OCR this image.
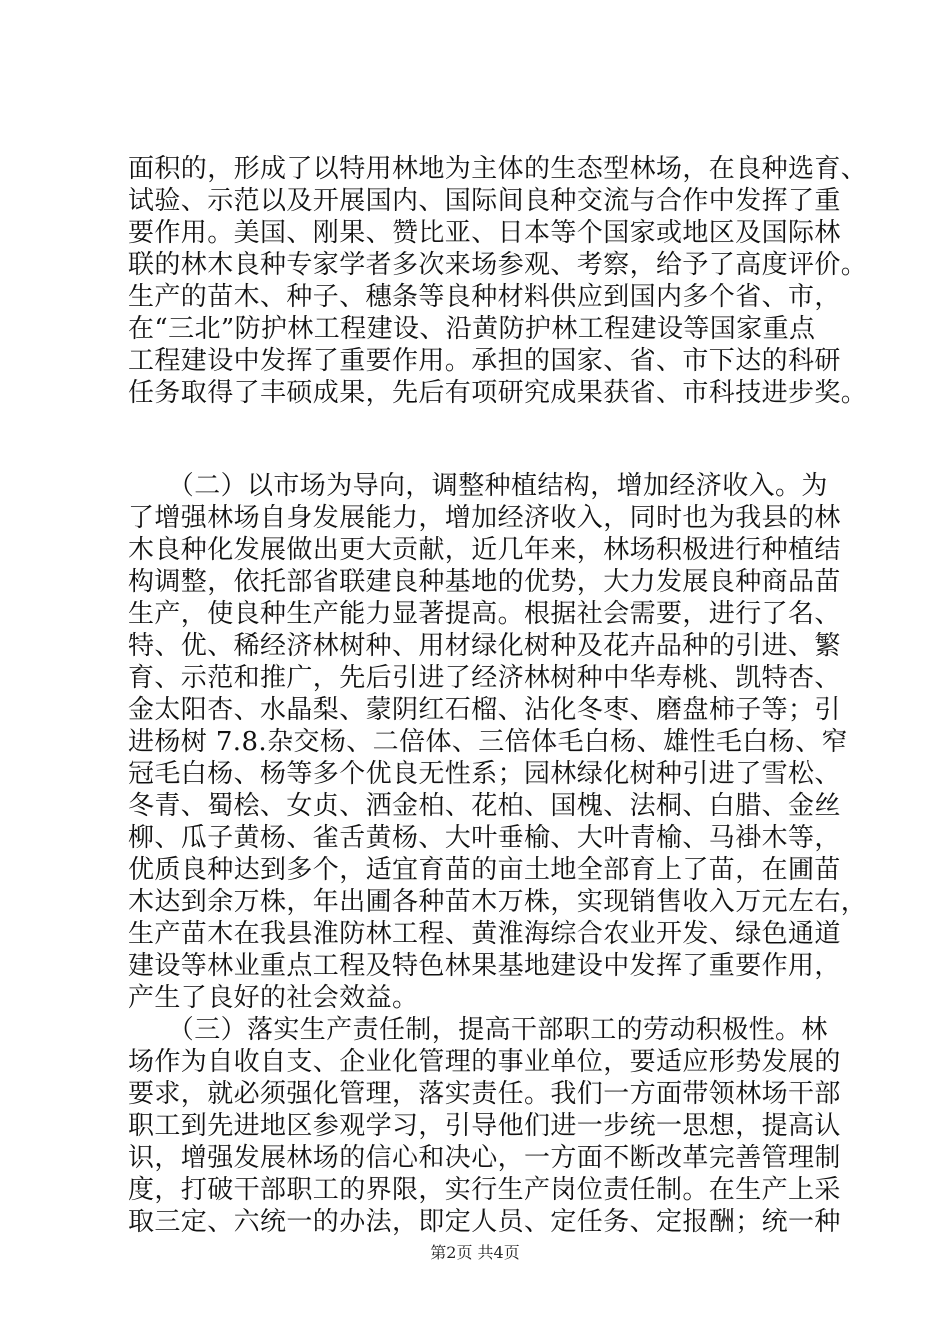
面积的，形成了以特用林地为主体的生态型林场，在良种选育、
试验、示范以及开展国内、国际间良种交流与合作中发挥了重
要作用。美国、刚果、赞比亚、日本等个国家或地区及国际林
联的林木良种专家学者多次来场参观、考察，给予了高度评价。
生产的苗木、种子、穗条等良种材料供应到国内多个省、市，
在“三北”防护林工程建设、沿黄防护林工程建设等国家重点
工程建设中发挥了重要作用。承担的国家、省、市下达的科研
任务取得了丰硕成果，先后有项研究成果获省、市科技进步奖。
　　（二）以市场为导向，调整种植结构，增加经济收入。为
了增强林场自身发展能力，增加经济收入，同时也为我县的林
木良种化发展做出更大贡献，近几年来，林场积极进行种植结
构调整，依托部省联建良种基地的优势，大力发展良种商品苗
生产，使良种生产能力显著提高。根据社会需要，进行了名、
特、优、稀经济林树种、用材绿化树种及花卉品种的引进、繁
育、示范和推广，先后引进了经济林树种中华寿桃、凯特杏、
金太阳杏、水晶梨、蒙阴红石榴、沾化冬枣、磨盘柿子等；引
进杨树 7.8.杂交杨、二倍体、三倍体毛白杨、雄性毛白杨、窄
冠毛白杨、杨等多个优良无性系；园林绿化树种引进了雪松、
冬青、蜀桧、女贞、洒金柏、花柏、国槐、法桐、白腊、金丝
柳、瓜子黄杨、雀舌黄杨、大叶垂榆、大叶青榆、马褂木等，
优质良种达到多个，适宜育苗的亩土地全部育上了苗，在圃苗
木达到余万株，年出圃各种苗木万株，实现销售收入万元左右，
生产苗木在我县淮防林工程、黄淮海综合农业开发、绿色通道
建设等林业重点工程及特色林果基地建设中发挥了重要作用，
产生了良好的社会效益。
　　（三）落实生产责任制，提高干部职工的劳动积极性。林
场作为自收自支、企业化管理的事业单位，要适应形势发展的
要求，就必须强化管理，落实责任。我们一方面带领林场干部
职工到先进地区参观学习，引导他们进一步统一思想，提高认
识，增强发展林场的信心和决心，一方面不断改革完善管理制
度，打破干部职工的界限，实行生产岗位责任制。在生产上采
取三定、六统一的办法，即定人员、定任务、定报酬；统一种
第2页 共4页
